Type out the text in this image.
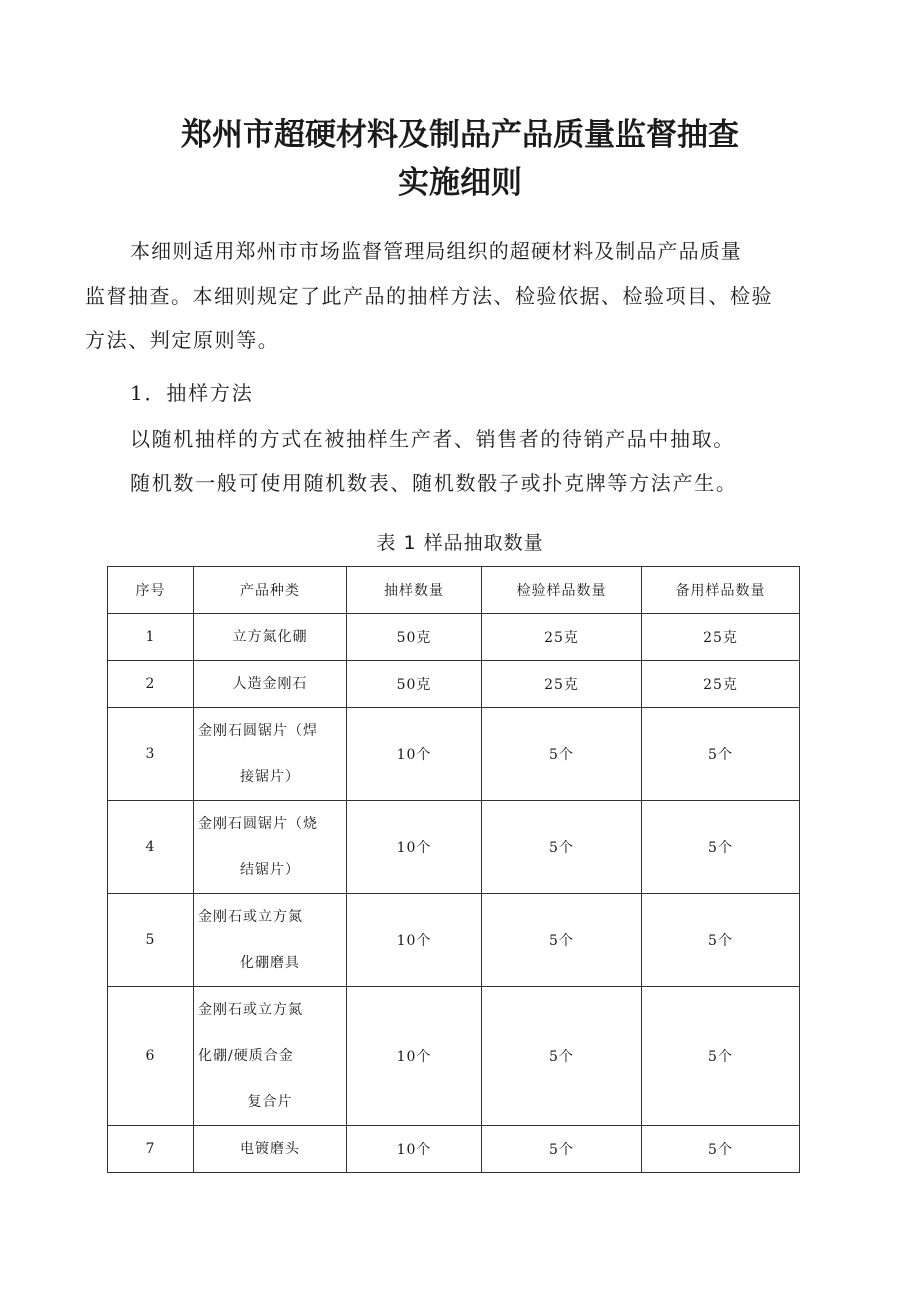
郑州市超硬材料及制品产品质量监督抽查
实施细则

本细则适用郑州市市场监督管理局组织的超硬材料及制品产品质量

监督抽查。本细则规定了此产品的抽样方法、检验依据、检验项目、检验

方法、判定原则等。

1．抽样方法

以随机抽样的方式在被抽样生产者、销售者的待销产品中抽取。

随机数一般可使用随机数表、随机数骰子或扑克牌等方法产生。

表 1 样品抽取数量

序号	产品种类	抽样数量	检验样品数量	备用样品数量
1	立方氮化硼	50克	25克	25克
2	人造金刚石	50克	25克	25克
3	金刚石圆锯片（焊
接锯片）	10个	5个	5个
4	金刚石圆锯片（烧
结锯片）	10个	5个	5个
5	金刚石或立方氮
化硼磨具	10个	5个	5个
6	金刚石或立方氮
化硼/硬质合金
复合片	10个	5个	5个
7	电镀磨头	10个	5个	5个
